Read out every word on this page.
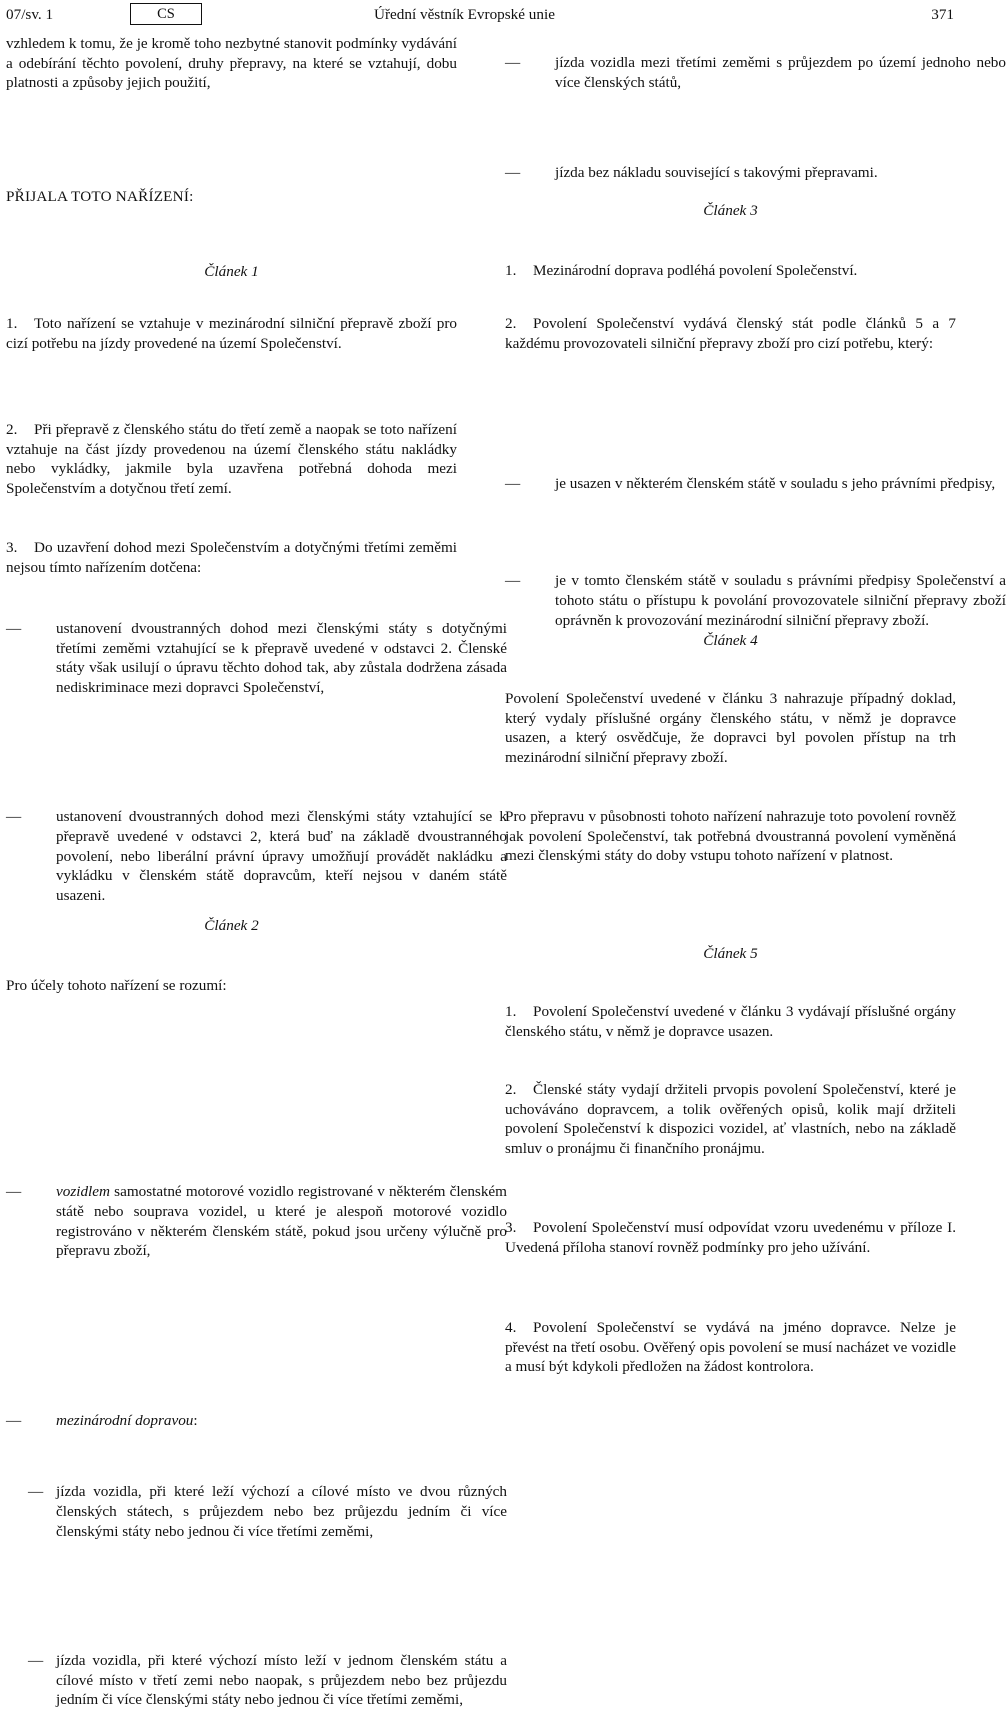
07/sv. 1	CS	Úřední věstník Evropské unie	371
vzhledem k tomu, že je kromě toho nezbytné stanovit podmínky vydávání a odebírání těchto povolení, druhy přepravy, na které se vztahují, dobu platnosti a způsoby jejich použití,
PŘIJALA TOTO NAŘÍZENÍ:
Článek 1
1. Toto nařízení se vztahuje v mezinárodní silniční přepravě zboží pro cizí potřebu na jízdy provedené na území Společenství.
2. Při přepravě z členského státu do třetí země a naopak se toto nařízení vztahuje na část jízdy provedenou na území členského státu nakládky nebo vykládky, jakmile byla uzavřena potřebná dohoda mezi Společenstvím a dotyčnou třetí zemí.
3. Do uzavření dohod mezi Společenstvím a dotyčnými třetími zeměmi nejsou tímto nařízením dotčena:
— ustanovení dvoustranných dohod mezi členskými státy s dotyčnými třetími zeměmi vztahující se k přepravě uvedené v odstavci 2. Členské státy však usilují o úpravu těchto dohod tak, aby zůstala dodržena zásada nediskriminace mezi dopravci Společenství,
— ustanovení dvoustranných dohod mezi členskými státy vztahující se k přepravě uvedené v odstavci 2, která buď na základě dvoustranného povolení, nebo liberální právní úpravy umožňují provádět nakládku a vykládku v členském státě dopravcům, kteří nejsou v daném státě usazeni.
Článek 2
Pro účely tohoto nařízení se rozumí:
— vozidlem samostatné motorové vozidlo registrované v některém členském státě nebo souprava vozidel, u které je alespoň motorové vozidlo registrováno v některém členském státě, pokud jsou určeny výlučně pro přepravu zboží,
— mezinárodní dopravou:
— jízda vozidla, při které leží výchozí a cílové místo ve dvou různých členských státech, s průjezdem nebo bez průjezdu jedním či více členskými státy nebo jednou či více třetími zeměmi,
— jízda vozidla, při které výchozí místo leží v jednom členském státu a cílové místo v třetí zemi nebo naopak, s průjezdem nebo bez průjezdu jedním či více členskými státy nebo jednou či více třetími zeměmi,
— jízda vozidla mezi třetími zeměmi s průjezdem po území jednoho nebo více členských států,
— jízda bez nákladu související s takovými přepravami.
Článek 3
1. Mezinárodní doprava podléhá povolení Společenství.
2. Povolení Společenství vydává členský stát podle článků 5 a 7 každému provozovateli silniční přepravy zboží pro cizí potřebu, který:
— je usazen v některém členském státě v souladu s jeho právními předpisy,
— je v tomto členském státě v souladu s právními předpisy Společenství a tohoto státu o přístupu k povolání provozovatele silniční přepravy zboží oprávněn k provozování mezinárodní silniční přepravy zboží.
Článek 4
Povolení Společenství uvedené v článku 3 nahrazuje případný doklad, který vydaly příslušné orgány členského státu, v němž je dopravce usazen, a který osvědčuje, že dopravci byl povolen přístup na trh mezinárodní silniční přepravy zboží.
Pro přepravu v působnosti tohoto nařízení nahrazuje toto povolení rovněž jak povolení Společenství, tak potřebná dvoustranná povolení vyměněná mezi členskými státy do doby vstupu tohoto nařízení v platnost.
Článek 5
1. Povolení Společenství uvedené v článku 3 vydávají příslušné orgány členského státu, v němž je dopravce usazen.
2. Členské státy vydají držiteli prvopis povolení Společenství, které je uchováváno dopravcem, a tolik ověřených opisů, kolik mají držiteli povolení Společenství k dispozici vozidel, ať vlastních, nebo na základě smluv o pronájmu či finančního pronájmu.
3. Povolení Společenství musí odpovídat vzoru uvedenému v příloze I. Uvedená příloha stanoví rovněž podmínky pro jeho užívání.
4. Povolení Společenství se vydává na jméno dopravce. Nelze je převést na třetí osobu. Ověřený opis povolení se musí nacházet ve vozidle a musí být kdykoli předložen na žádost kontrolora.
